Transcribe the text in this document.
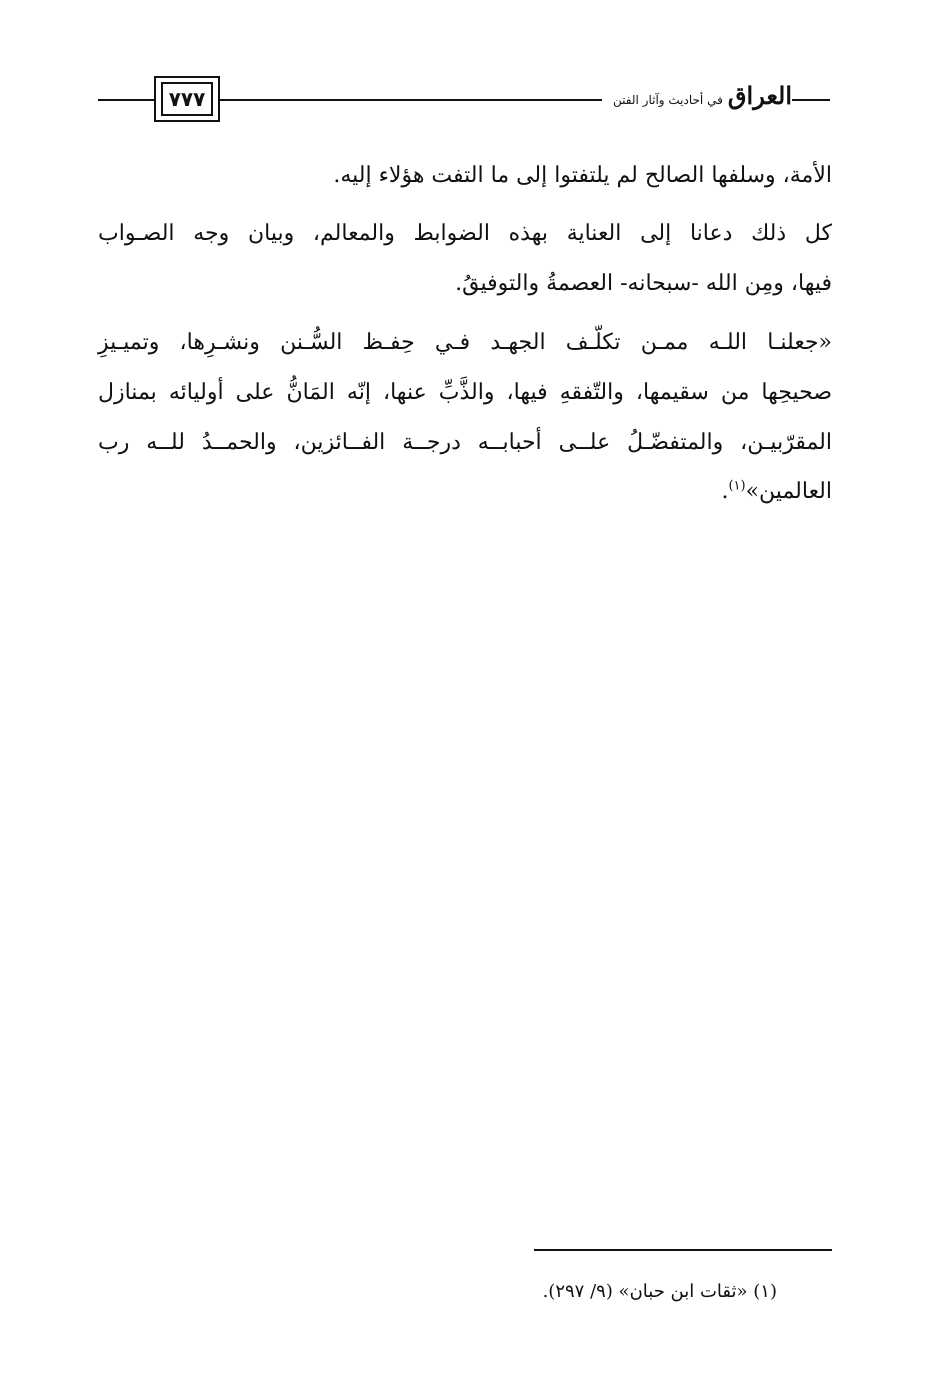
٧٧٧	العراق في أحاديث وآثار الفتن
الأمة، وسلفها الصالح لم يلتفتوا إلى ما التفت هؤلاء إليه.
كل ذلك دعانا إلى العناية بهذه الضوابط والمعالم، وبيان وجه الصـواب
فيها، ومِن الله -سبحانه- العصمةُ والتوفيقُ.
«جعلنـا اللـه ممـن تكلّـف الجهـد فـي حِفـظ السُّـنن ونشـرِها، وتميـيزِ
صحيحِها من سقيمها، والتّفقهِ فيها، والذَّبِّ عنها، إنّه المَانُّ على أوليائه بمنازل
المقرّبيـن، والمتفضّـلُ علــى أحبابــه درجــة الفــائزين، والحمــدُ للــه رب
العالمين»$^{(١)}$.
(١) «ثقات ابن حبان» (٩/ ٢٩٧).
